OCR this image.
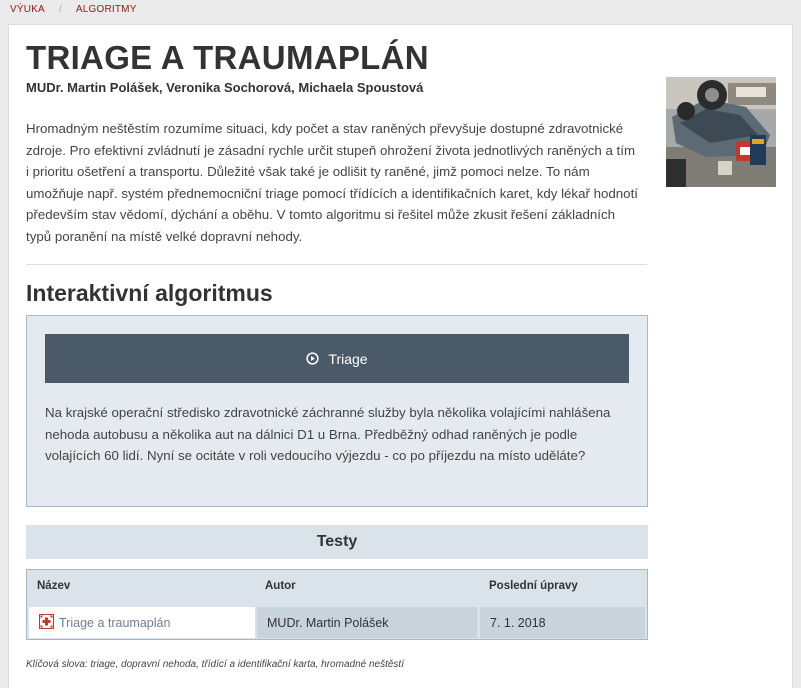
VÝUKA / ALGORITMY
TRIAGE A TRAUMAPLÁN
MUDr. Martin Polášek, Veronika Sochorová, Michaela Spoustová

Hromadným neštěstím rozumíme situaci, kdy počet a stav raněných převyšuje dostupné zdravotnické zdroje. Pro efektivní zvládnutí je zásadní rychle určit stupeň ohrožení života jednotlivých raněných a tím i prioritu ošetření a transportu. Důležité však také je odlišit ty raněné, jimž pomoci nelze. To nám umožňuje např. systém přednemocniční triage pomocí třídících a identifikačních karet, kdy lékař hodnotí především stav vědomí, dýchání a oběhu. V tomto algoritmu si řešitel může zkusit řešení základních typů poranění na místě velké dopravní nehody.

Interaktivní algoritmus
Triage

Na krajské operační středisko zdravotnické záchranné služby byla několika volajícími nahlášena nehoda autobusu a několika aut na dálnici D1 u Brna. Předběžný odhad raněných je podle volajících 60 lidí. Nyní se ocitáte v roli vedoucího výjezdu - co po příjezdu na místo uděláte?

Testy
Název	Autor	Poslední úpravy
Triage a traumaplán	MUDr. Martin Polášek	7. 1. 2018
Klíčová slova: triage, dopravní nehoda, třídící a identifikační karta, hromadné neštěstí
